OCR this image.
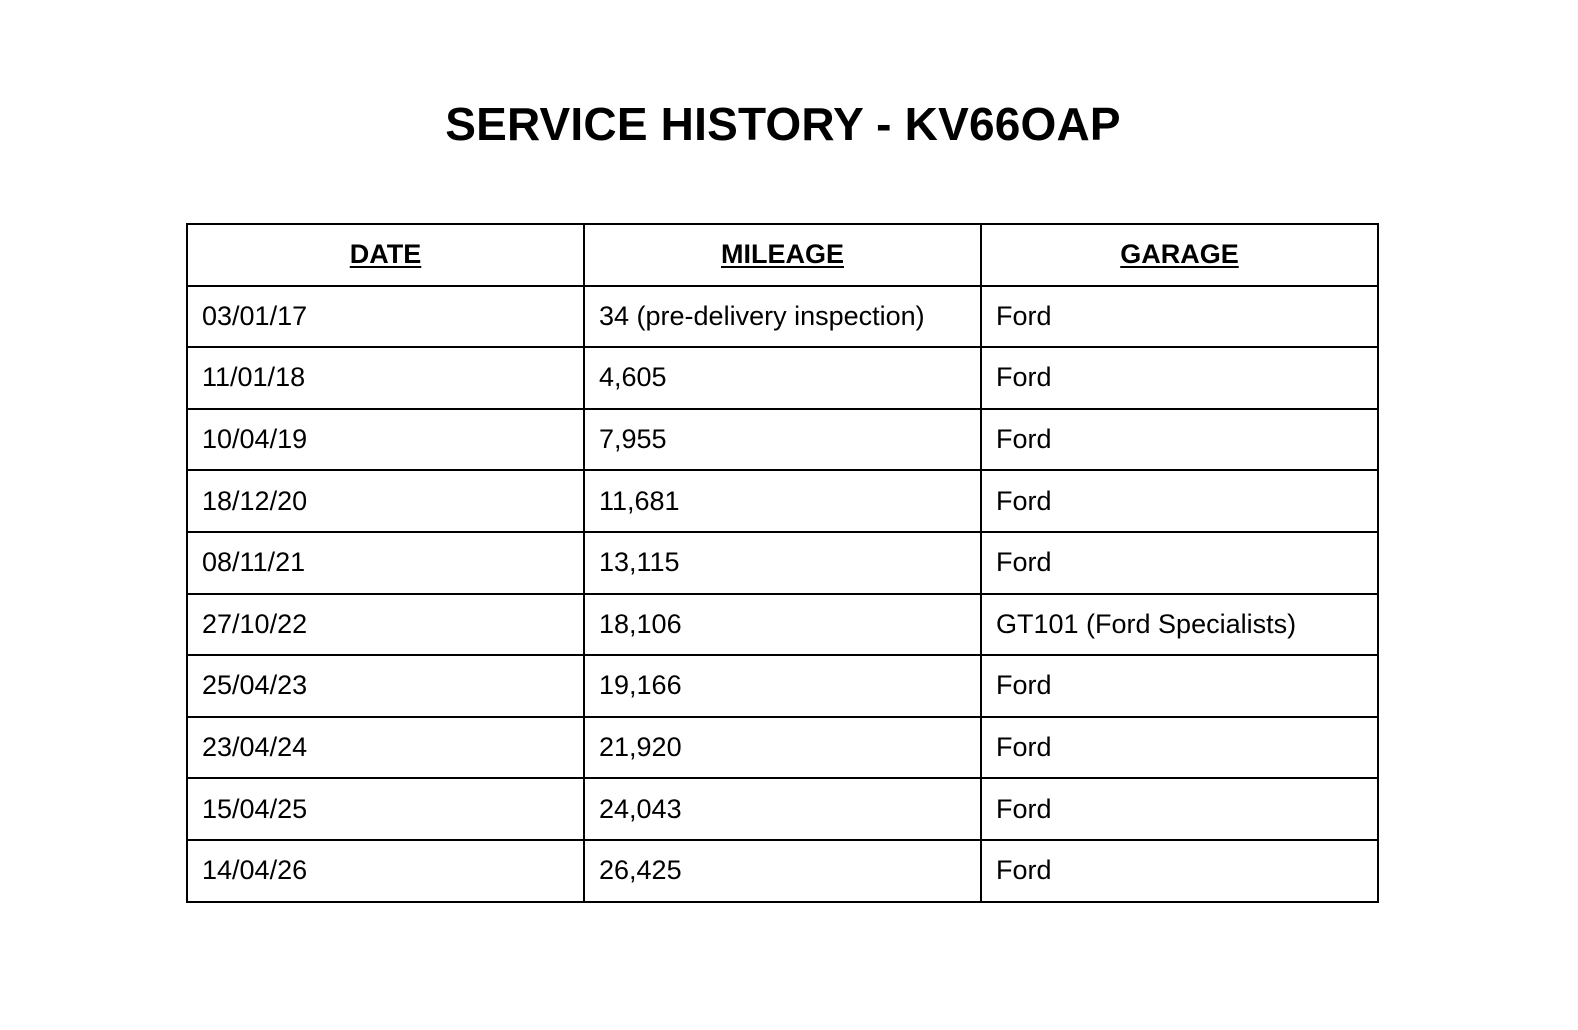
SERVICE HISTORY - KV66OAP
DATE	MILEAGE	GARAGE
03/01/17	34 (pre-delivery inspection)	Ford
11/01/18	4,605	Ford
10/04/19	7,955	Ford
18/12/20	11,681	Ford
08/11/21	13,115	Ford
27/10/22	18,106	GT101 (Ford Specialists)
25/04/23	19,166	Ford
23/04/24	21,920	Ford
15/04/25	24,043	Ford
14/04/26	26,425	Ford
